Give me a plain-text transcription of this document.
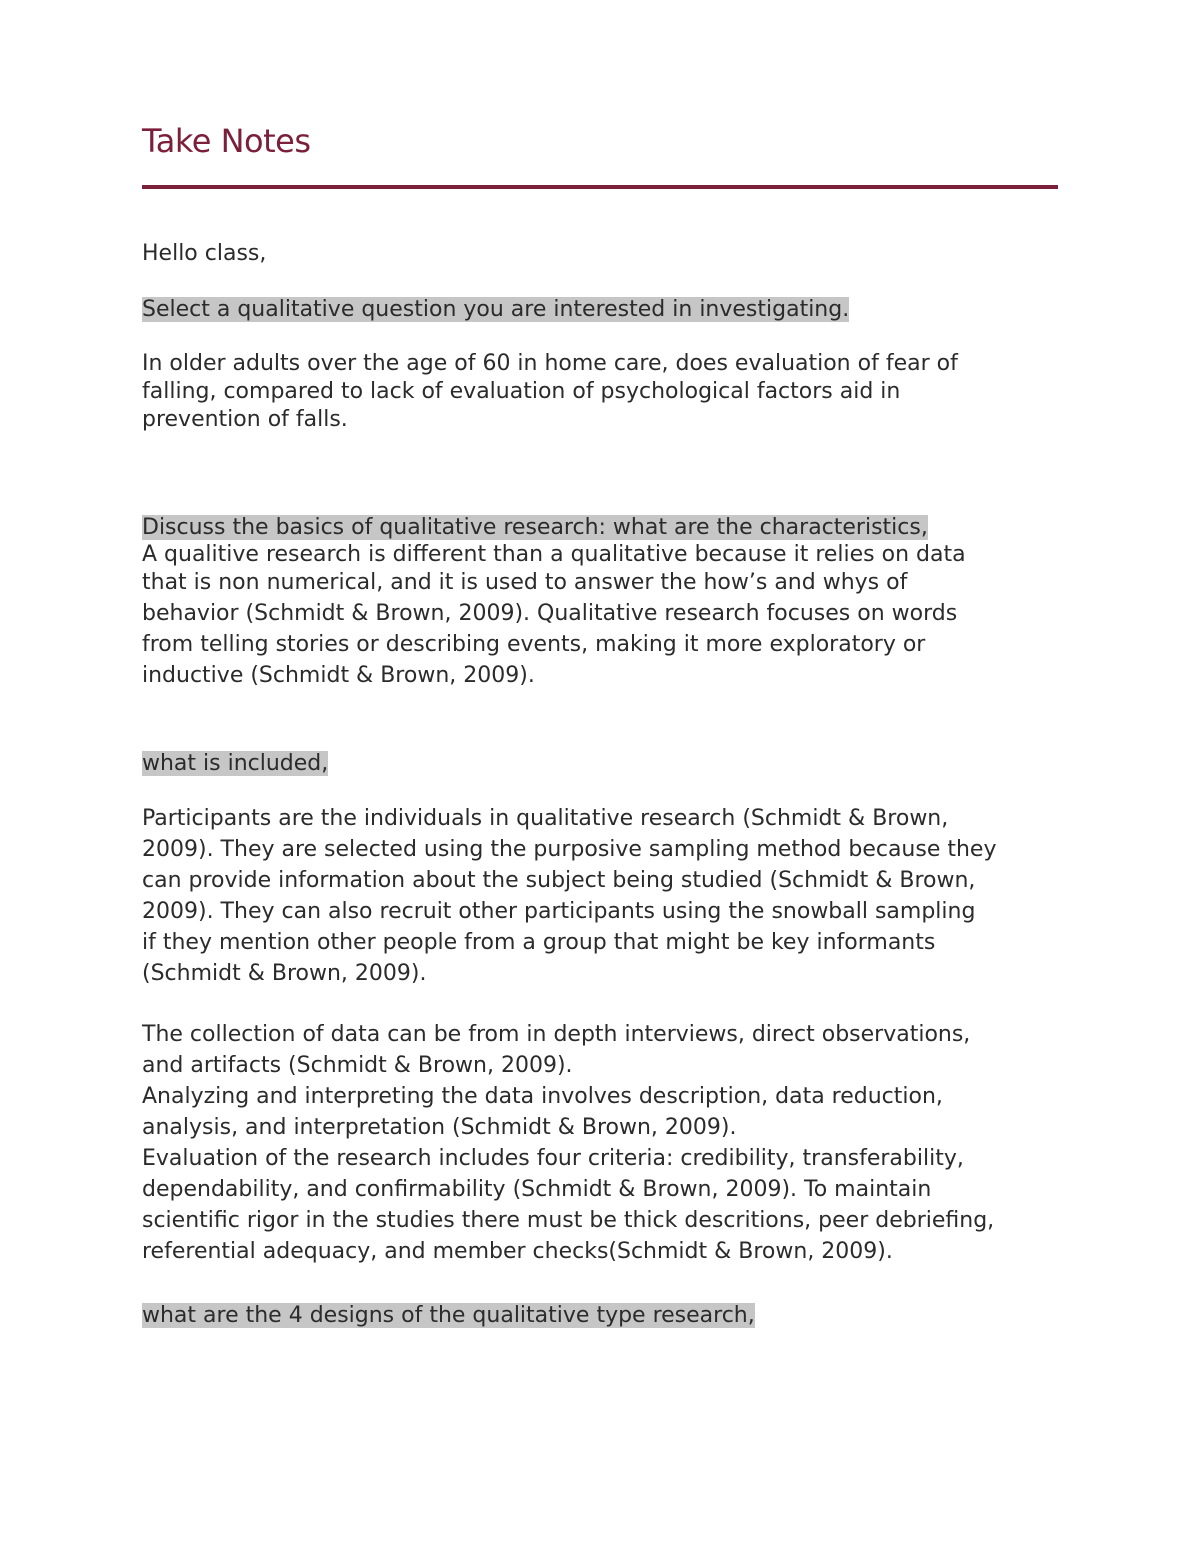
Take Notes

Hello class,

Select a qualitative question you are interested in investigating.

In older adults over the age of 60 in home care, does evaluation of fear of
falling, compared to lack of evaluation of psychological factors aid in
prevention of falls.

Discuss the basics of qualitative research: what are the characteristics,

A qualitive research is different than a qualitative because it relies on data
that is non numerical, and it is used to answer the how’s and whys of
behavior (Schmidt & Brown, 2009). Qualitative research focuses on words
from telling stories or describing events, making it more exploratory or
inductive (Schmidt & Brown, 2009).

what is included,

Participants are the individuals in qualitative research (Schmidt & Brown,
2009). They are selected using the purposive sampling method because they
can provide information about the subject being studied (Schmidt & Brown,
2009). They can also recruit other participants using the snowball sampling
if they mention other people from a group that might be key informants
(Schmidt & Brown, 2009).
The collection of data can be from in depth interviews, direct observations,
and artifacts (Schmidt & Brown, 2009).
Analyzing and interpreting the data involves description, data reduction,
analysis, and interpretation (Schmidt & Brown, 2009).
Evaluation of the research includes four criteria: credibility, transferability,
dependability, and confirmability (Schmidt & Brown, 2009). To maintain
scientific rigor in the studies there must be thick descritions, peer debriefing,
referential adequacy, and member checks(Schmidt & Brown, 2009).

what are the 4 designs of the qualitative type research,
